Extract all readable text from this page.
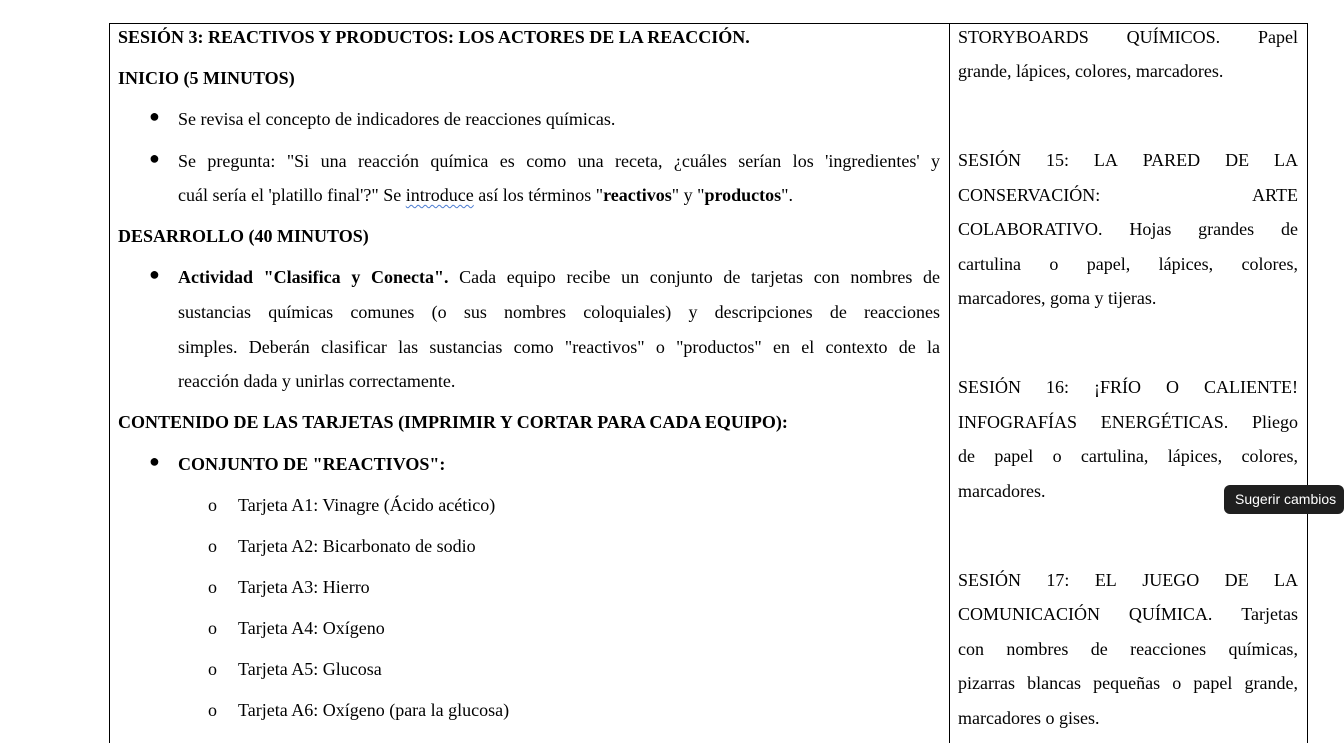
SESIÓN 3: REACTIVOS Y PRODUCTOS: LOS ACTORES DE LA REACCIÓN.
INICIO (5 MINUTOS)
● Se revisa el concepto de indicadores de reacciones químicas.
● Se pregunta: "Si una reacción química es como una receta, ¿cuáles serían los 'ingredientes' y
cuál sería el 'platillo final'?" Se introduce así los términos "reactivos" y "productos".
DESARROLLO (40 MINUTOS)
● Actividad "Clasifica y Conecta". Cada equipo recibe un conjunto de tarjetas con nombres de
sustancias químicas comunes (o sus nombres coloquiales) y descripciones de reacciones
simples. Deberán clasificar las sustancias como "reactivos" o "productos" en el contexto de la
reacción dada y unirlas correctamente.
CONTENIDO DE LAS TARJETAS (IMPRIMIR Y CORTAR PARA CADA EQUIPO):
● CONJUNTO DE "REACTIVOS":
o Tarjeta A1: Vinagre (Ácido acético)
o Tarjeta A2: Bicarbonato de sodio
o Tarjeta A3: Hierro
o Tarjeta A4: Oxígeno
o Tarjeta A5: Glucosa
o Tarjeta A6: Oxígeno (para la glucosa)
STORYBOARDS QUÍMICOS. Papel
grande, lápices, colores, marcadores.
SESIÓN 15: LA PARED DE LA
CONSERVACIÓN:	ARTE
COLABORATIVO. Hojas grandes de
cartulina o papel, lápices, colores,
marcadores, goma y tijeras.
SESIÓN 16: ¡FRÍO O CALIENTE!
INFOGRAFÍAS ENERGÉTICAS. Pliego
de papel o cartulina, lápices, colores,
marcadores.
SESIÓN 17: EL JUEGO DE LA
COMUNICACIÓN QUÍMICA. Tarjetas
con nombres de reacciones químicas,
pizarras blancas pequeñas o papel grande,
marcadores o gises.
Sugerir cambios
